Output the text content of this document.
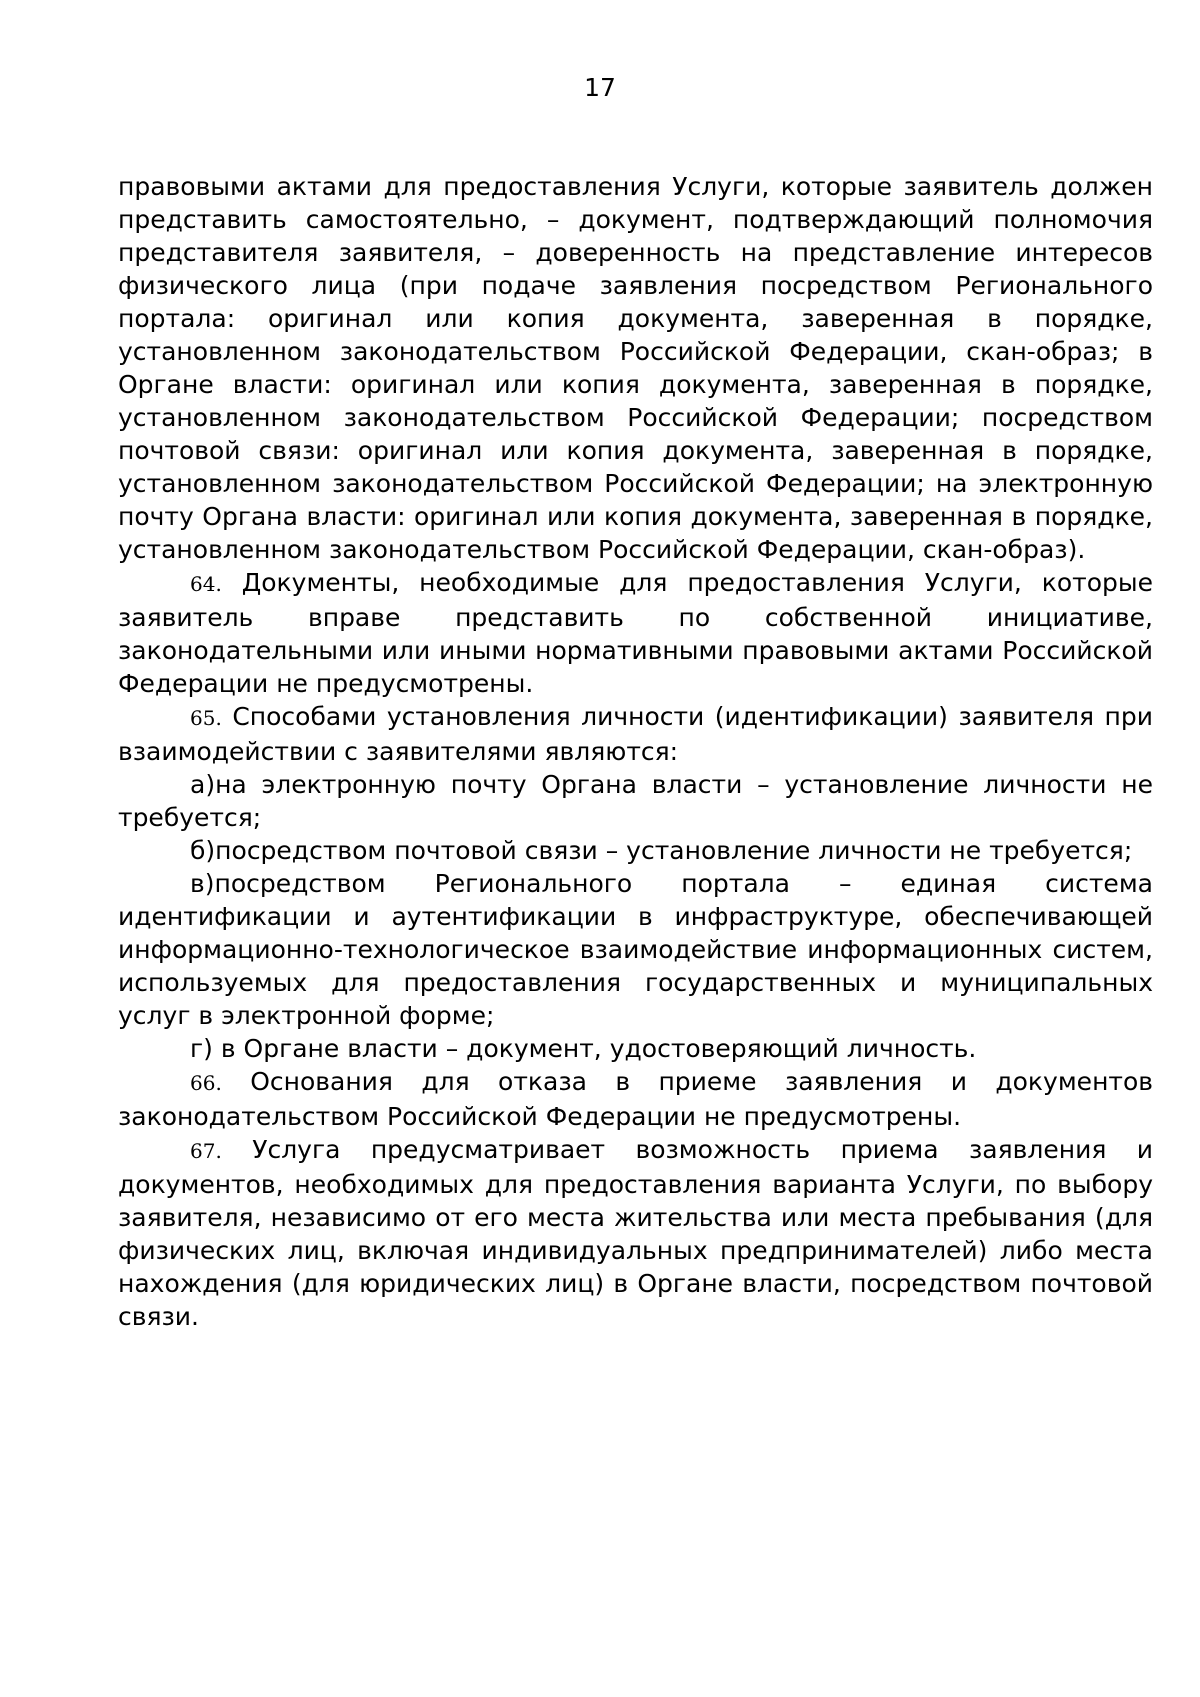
17

правовыми актами для предоставления Услуги, которые заявитель должен представить самостоятельно, – документ, подтверждающий полномочия представителя заявителя, – доверенность на представление интересов физического лица (при подаче заявления посредством Регионального портала: оригинал или копия документа, заверенная в порядке, установленном законодательством Российской Федерации, скан-образ; в Органе власти: оригинал или копия документа, заверенная в порядке, установленном законодательством Российской Федерации; посредством почтовой связи: оригинал или копия документа, заверенная в порядке, установленном законодательством Российской Федерации; на электронную почту Органа власти: оригинал или копия документа, заверенная в порядке, установленном законодательством Российской Федерации, скан-образ).

64. Документы, необходимые для предоставления Услуги, которые заявитель вправе представить по собственной инициативе, законодательными или иными нормативными правовыми актами Российской Федерации не предусмотрены.

65. Способами установления личности (идентификации) заявителя при взаимодействии с заявителями являются:

а)на электронную почту Органа власти – установление личности не требуется;

б)посредством почтовой связи – установление личности не требуется;

в)посредством Регионального портала – единая система идентификации и аутентификации в инфраструктуре, обеспечивающей информационно-технологическое взаимодействие информационных систем, используемых для предоставления государственных и муниципальных услуг в электронной форме;

г) в Органе власти – документ, удостоверяющий личность.

66. Основания для отказа в приеме заявления и документов законодательством Российской Федерации не предусмотрены.

67. Услуга предусматривает возможность приема заявления и документов, необходимых для предоставления варианта Услуги, по выбору заявителя, независимо от его места жительства или места пребывания (для физических лиц, включая индивидуальных предпринимателей) либо места нахождения (для юридических лиц) в Органе власти, посредством почтовой связи.
